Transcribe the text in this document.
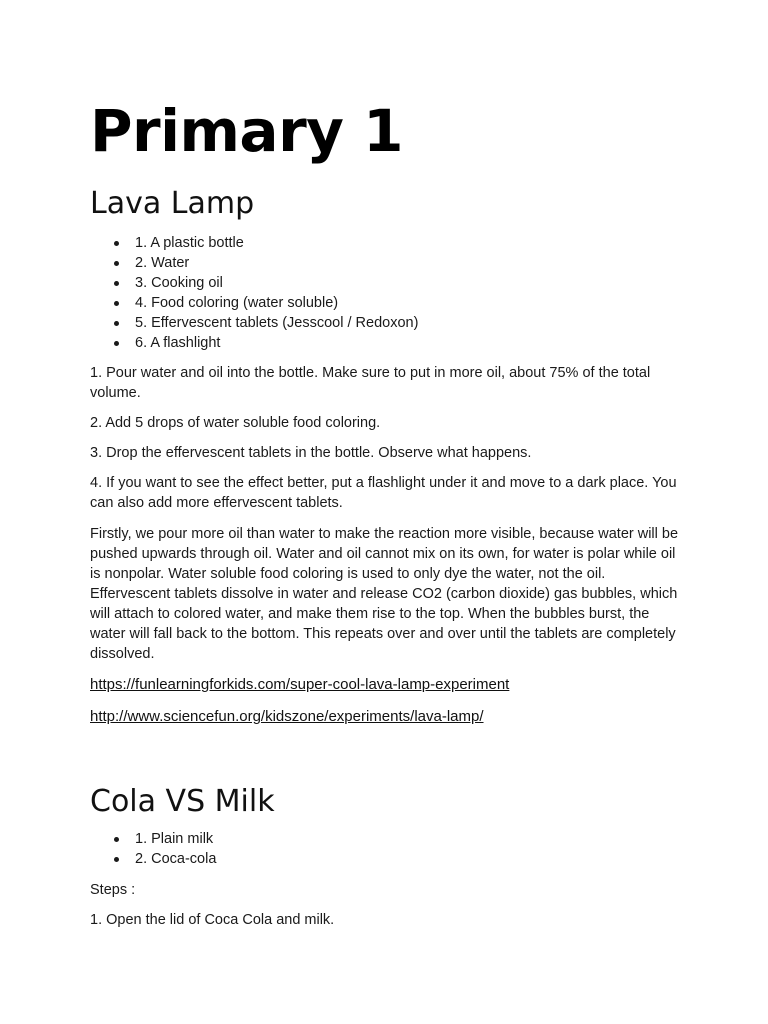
Primary 1
Lava Lamp
1. A plastic bottle
2. Water
3. Cooking oil
4. Food coloring (water soluble)
5. Effervescent tablets (Jesscool / Redoxon)
6. A flashlight

1. Pour water and oil into the bottle. Make sure to put in more oil, about 75% of the total volume.

2. Add 5 drops of water soluble food coloring.

3. Drop the effervescent tablets in the bottle. Observe what happens.

4. If you want to see the effect better, put a flashlight under it and move to a dark place. You can also add more effervescent tablets.

Firstly, we pour more oil than water to make the reaction more visible, because water will be pushed upwards through oil. Water and oil cannot mix on its own, for water is polar while oil is nonpolar. Water soluble food coloring is used to only dye the water, not the oil. Effervescent tablets dissolve in water and release CO2 (carbon dioxide) gas bubbles, which will attach to colored water, and make them rise to the top. When the bubbles burst, the water will fall back to the bottom. This repeats over and over until the tablets are completely dissolved.

https://funlearningforkids.com/super-cool-lava-lamp-experiment
http://www.sciencefun.org/kidszone/experiments/lava-lamp/
Cola VS Milk
1. Plain milk
2. Coca-cola

Steps :

1. Open the lid of Coca Cola and milk.
